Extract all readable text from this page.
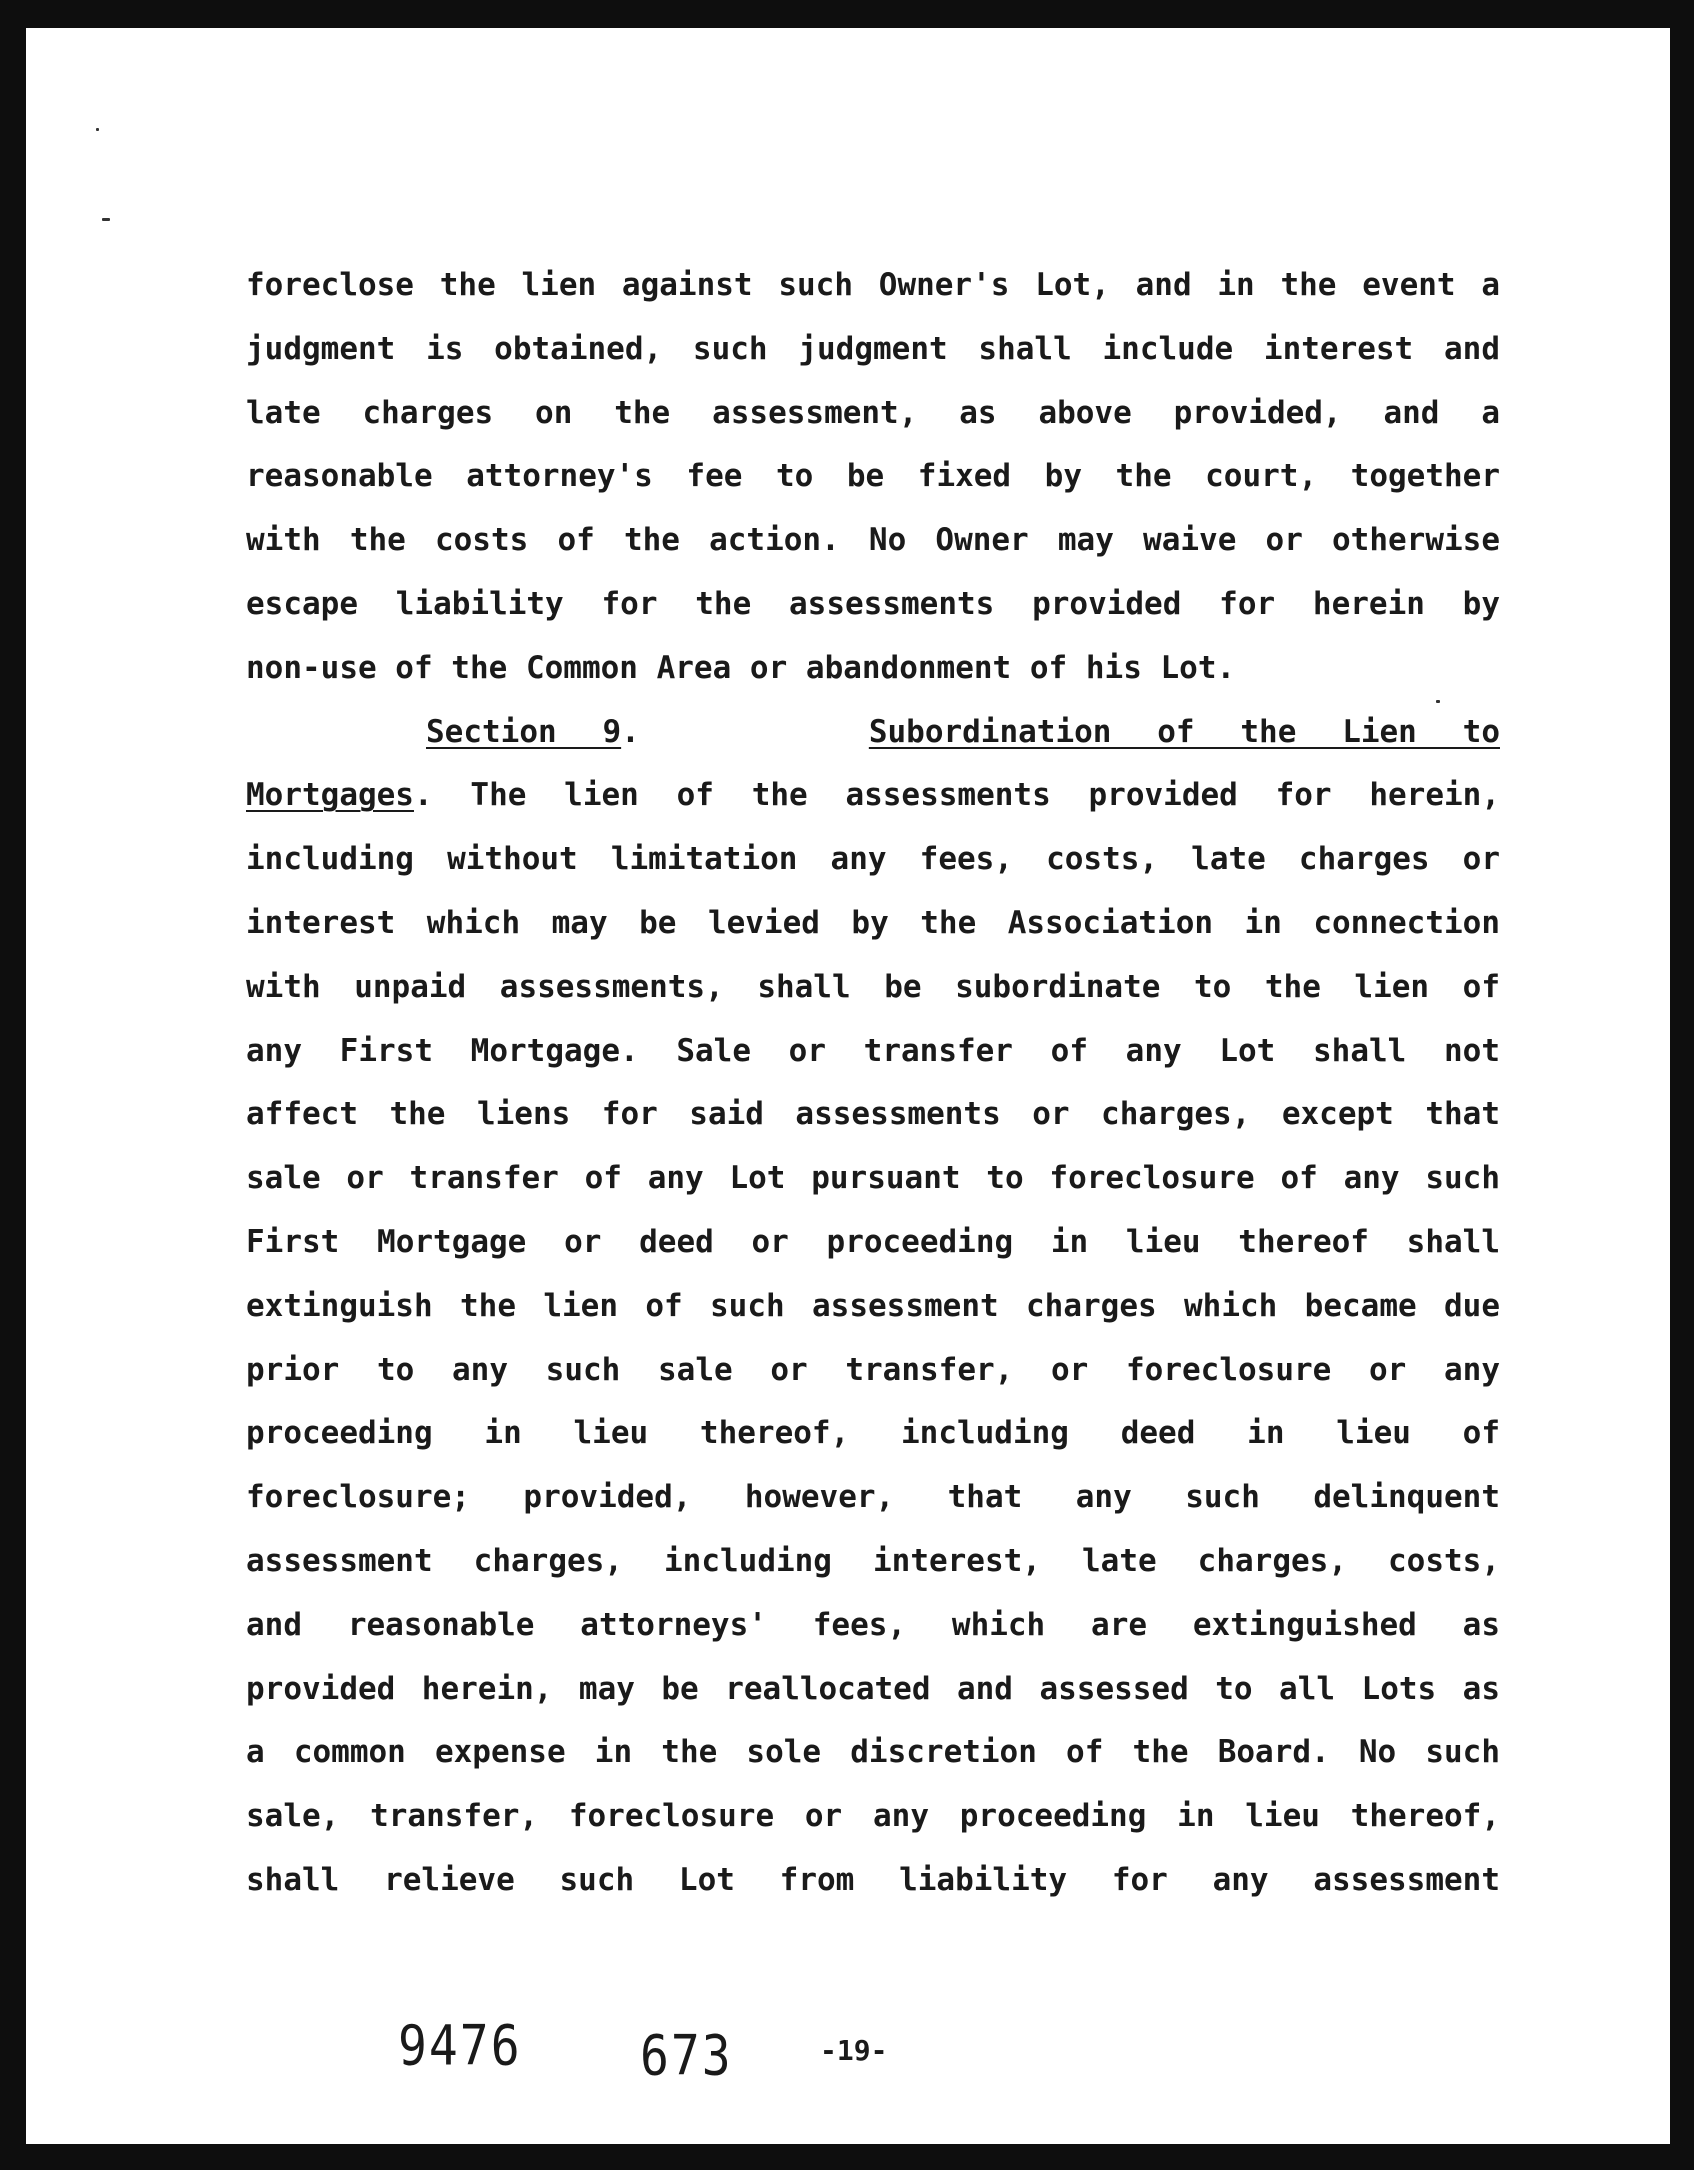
foreclose the lien against such Owner's Lot, and in the event a
judgment is obtained, such judgment shall include interest and
late charges on the assessment, as above provided, and a
reasonable attorney's fee to be fixed by the court, together
with the costs of the action. No Owner may waive or otherwise
escape liability for the assessments provided for herein by
non-use of the Common Area or abandonment of his Lot.
Section 9.     Subordination of the Lien to
Mortgages. The lien of the assessments provided for herein,
including without limitation any fees, costs, late charges or
interest which may be levied by the Association in connection
with unpaid assessments, shall be subordinate to the lien of
any First Mortgage. Sale or transfer of any Lot shall not
affect the liens for said assessments or charges, except that
sale or transfer of any Lot pursuant to foreclosure of any such
First Mortgage or deed or proceeding in lieu thereof shall
extinguish the lien of such assessment charges which became due
prior to any such sale or transfer, or foreclosure or any
proceeding in lieu thereof, including deed in lieu of
foreclosure; provided, however, that any such delinquent
assessment charges, including interest, late charges, costs,
and reasonable attorneys' fees, which are extinguished as
provided herein, may be reallocated and assessed to all Lots as
a common expense in the sole discretion of the Board. No such
sale, transfer, foreclosure or any proceeding in lieu thereof,
shall relieve such Lot from liability for any assessment
9476 673	-19-
